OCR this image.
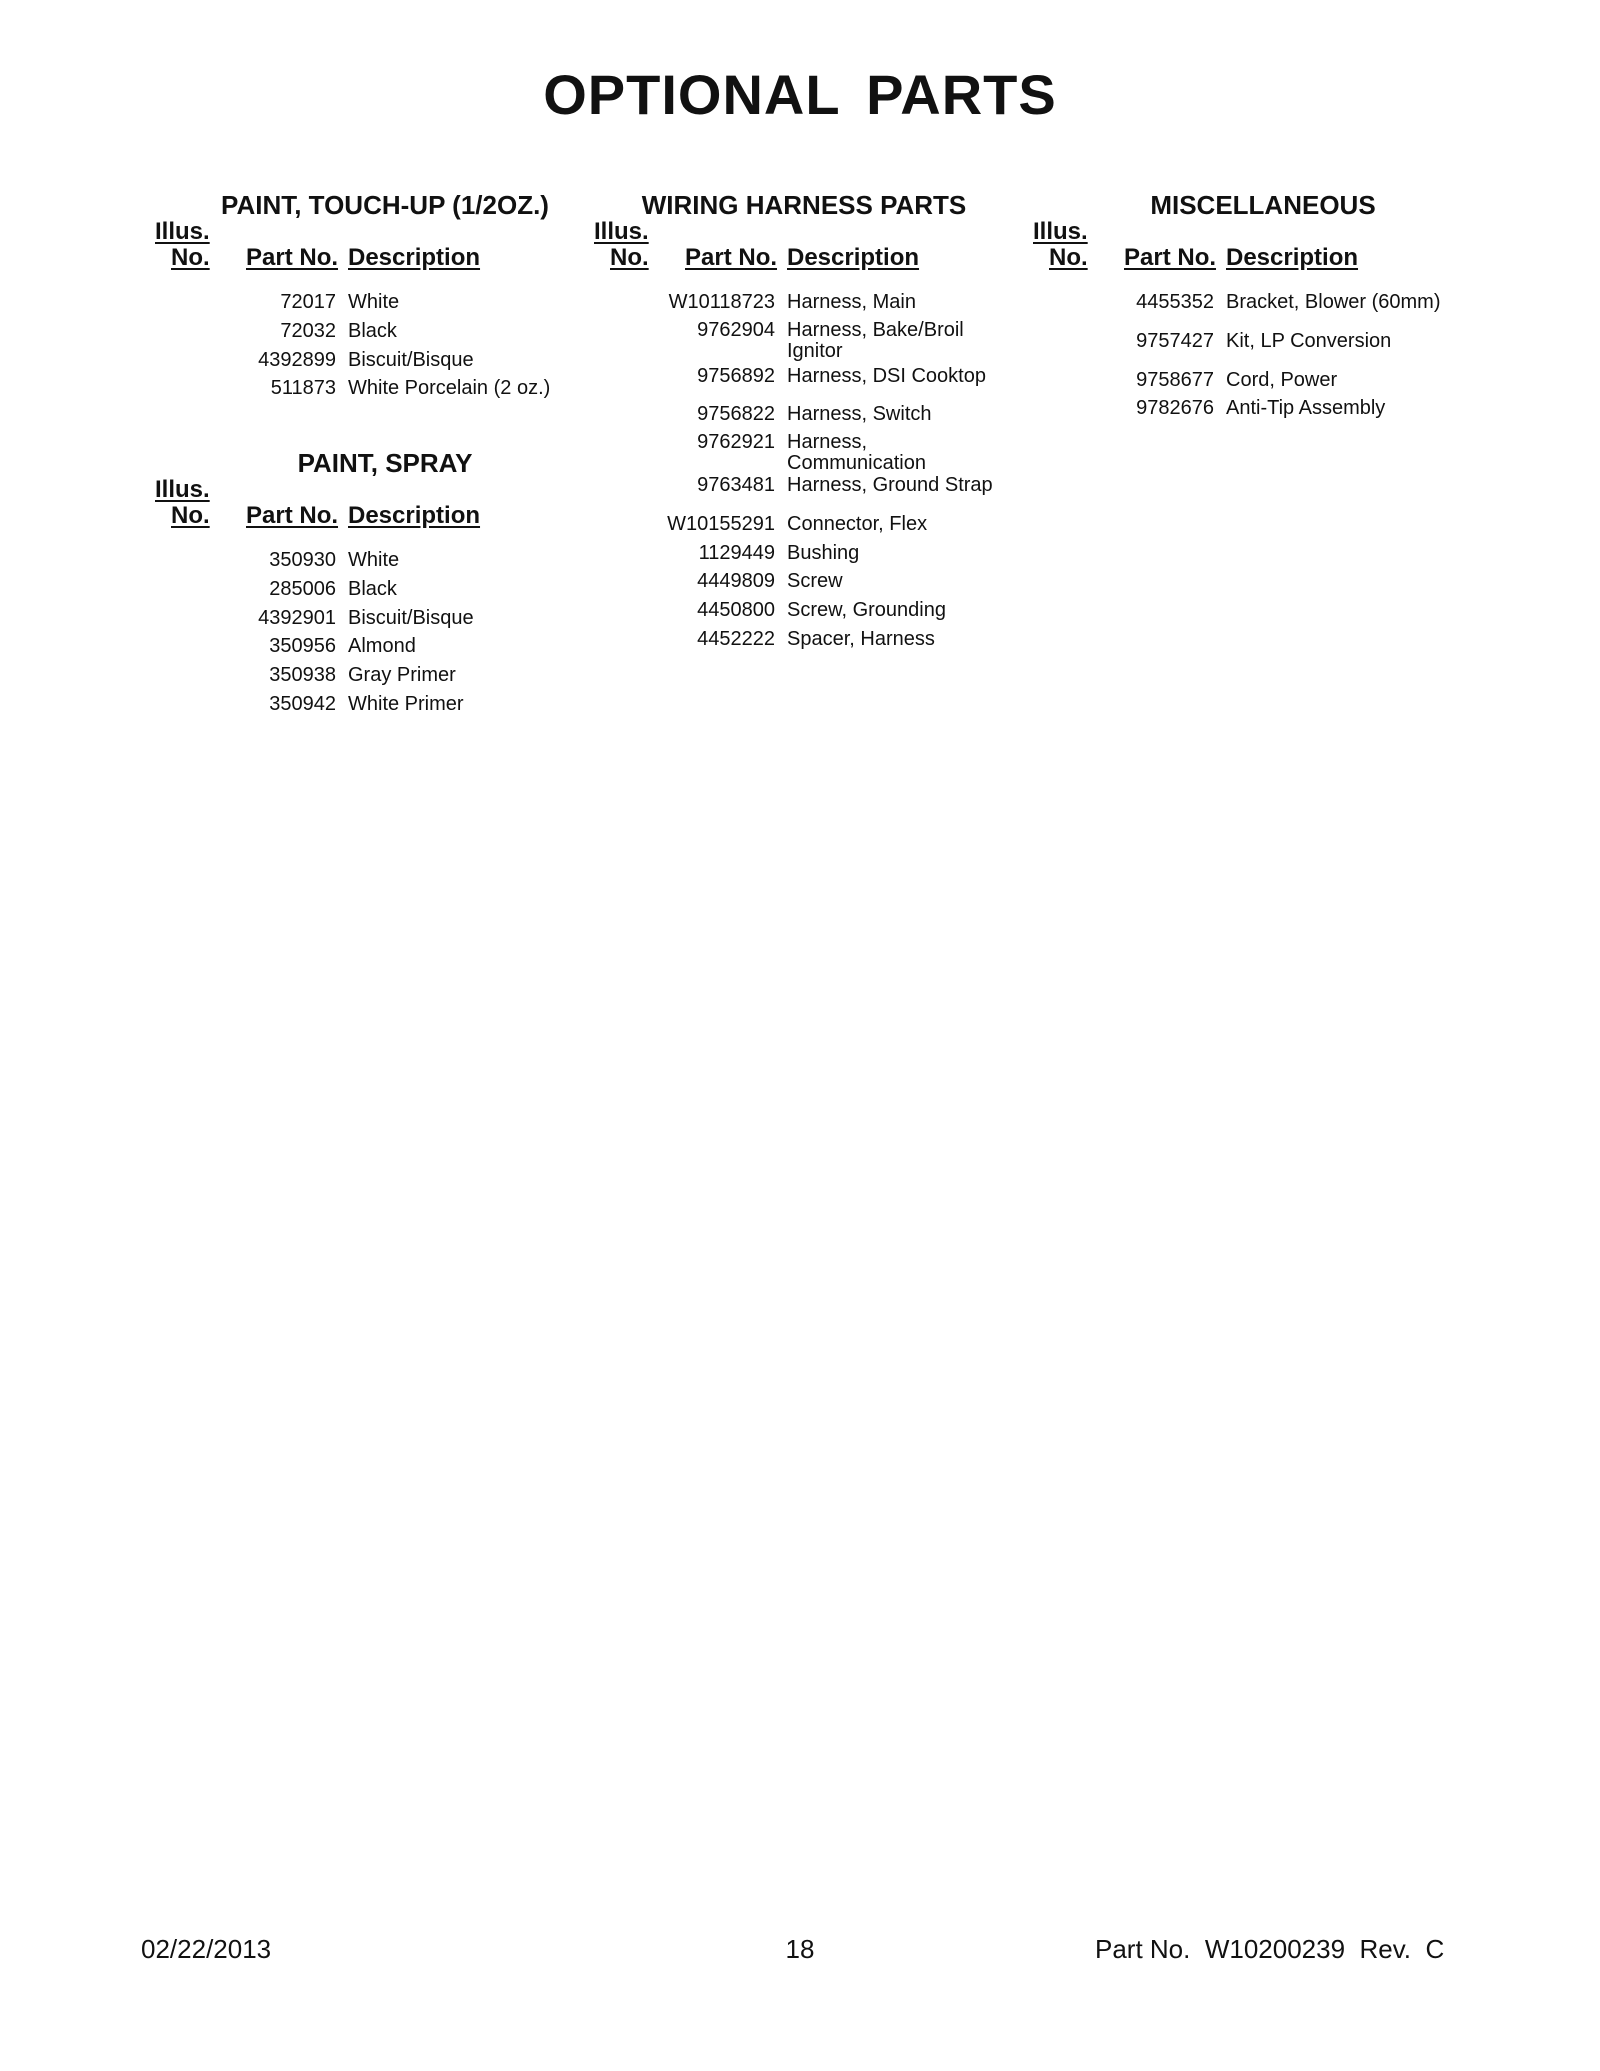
OPTIONAL PARTS
PAINT, TOUCH-UP (1/2OZ.)
Illus.
No. Part No. Description
72017 White
72032 Black
4392899 Biscuit/Bisque
511873 White Porcelain (2 oz.)
PAINT, SPRAY
Illus.
No. Part No. Description
350930 White
285006 Black
4392901 Biscuit/Bisque
350956 Almond
350938 Gray Primer
350942 White Primer
WIRING HARNESS PARTS
Illus.
No. Part No. Description
W10118723 Harness, Main
9762904 Harness, Bake/Broil Ignitor
9756892 Harness, DSI Cooktop
9756822 Harness, Switch
9762921 Harness, Communication
9763481 Harness, Ground Strap
W10155291 Connector, Flex
1129449 Bushing
4449809 Screw
4450800 Screw, Grounding
4452222 Spacer, Harness
MISCELLANEOUS
Illus.
No. Part No. Description
4455352 Bracket, Blower (60mm)
9757427 Kit, LP Conversion
9758677 Cord, Power
9782676 Anti-Tip Assembly
02/22/2013	18	Part No.  W10200239  Rev.  C
